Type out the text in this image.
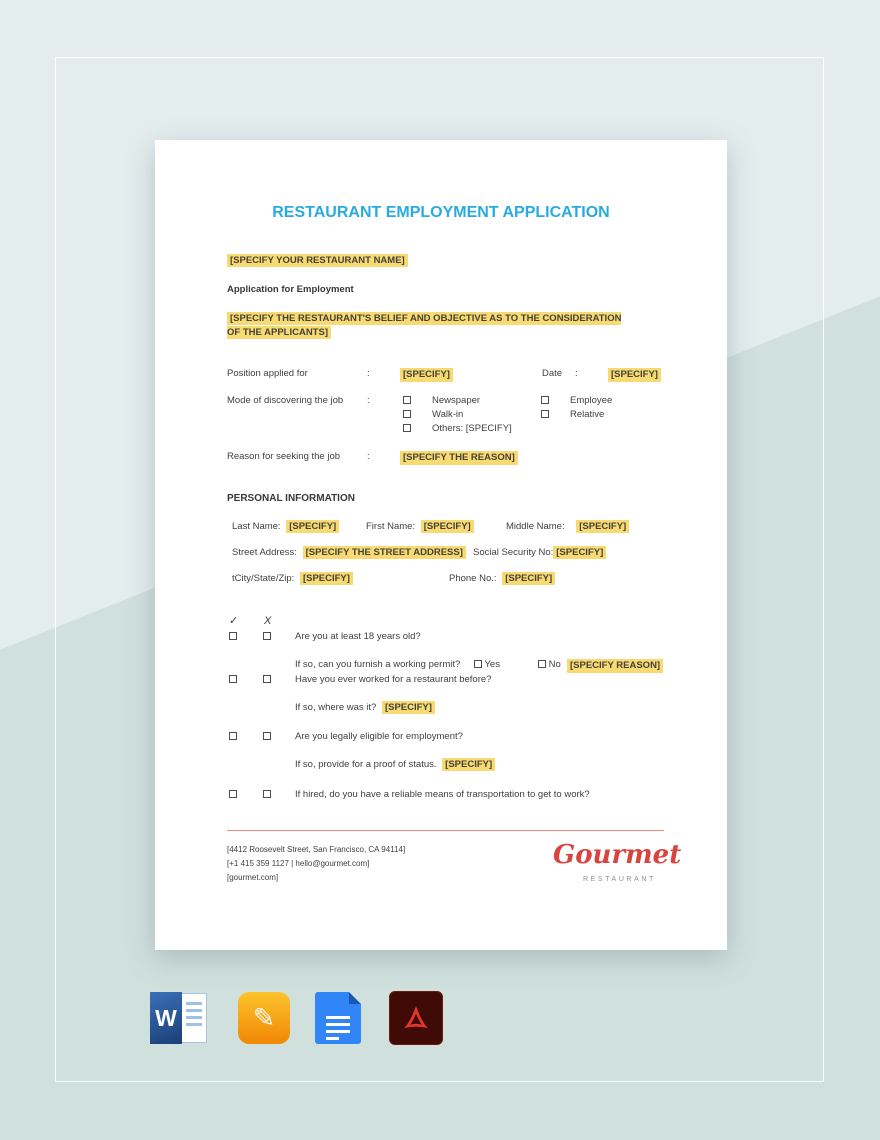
RESTAURANT EMPLOYMENT APPLICATION
[SPECIFY YOUR RESTAURANT NAME]
Application for Employment
[SPECIFY THE RESTAURANT'S BELIEF AND OBJECTIVE AS TO THE CONSIDERATION OF THE APPLICANTS]
Position applied for	:	[SPECIFY]	Date :	[SPECIFY]
Mode of discovering the job	:	Newspaper	Employee
Walk-in	Relative
Others: [SPECIFY]
Reason for seeking the job	:	[SPECIFY THE REASON]
PERSONAL INFORMATION
Last Name: [SPECIFY]	First Name: [SPECIFY]	Middle Name: [SPECIFY]
Street Address: [SPECIFY THE STREET ADDRESS]	Social Security No: [SPECIFY]
tCity/State/Zip: [SPECIFY]	Phone No.: [SPECIFY]
✓ X
Are you at least 18 years old?
If so, can you furnish a working permit?	Yes	No [SPECIFY REASON]
Have you ever worked for a restaurant before?
If so, where was it? [SPECIFY]
Are you legally eligible for employment?
If so, provide for a proof of status. [SPECIFY]
If hired, do you have a reliable means of transportation to get to work?
[4412 Roosevelt Street, San Francisco, CA 94114]
[+1 415 359 1127 | hello@gourmet.com]
[gourmet.com]
Gourmet
RESTAURANT
W	✎
